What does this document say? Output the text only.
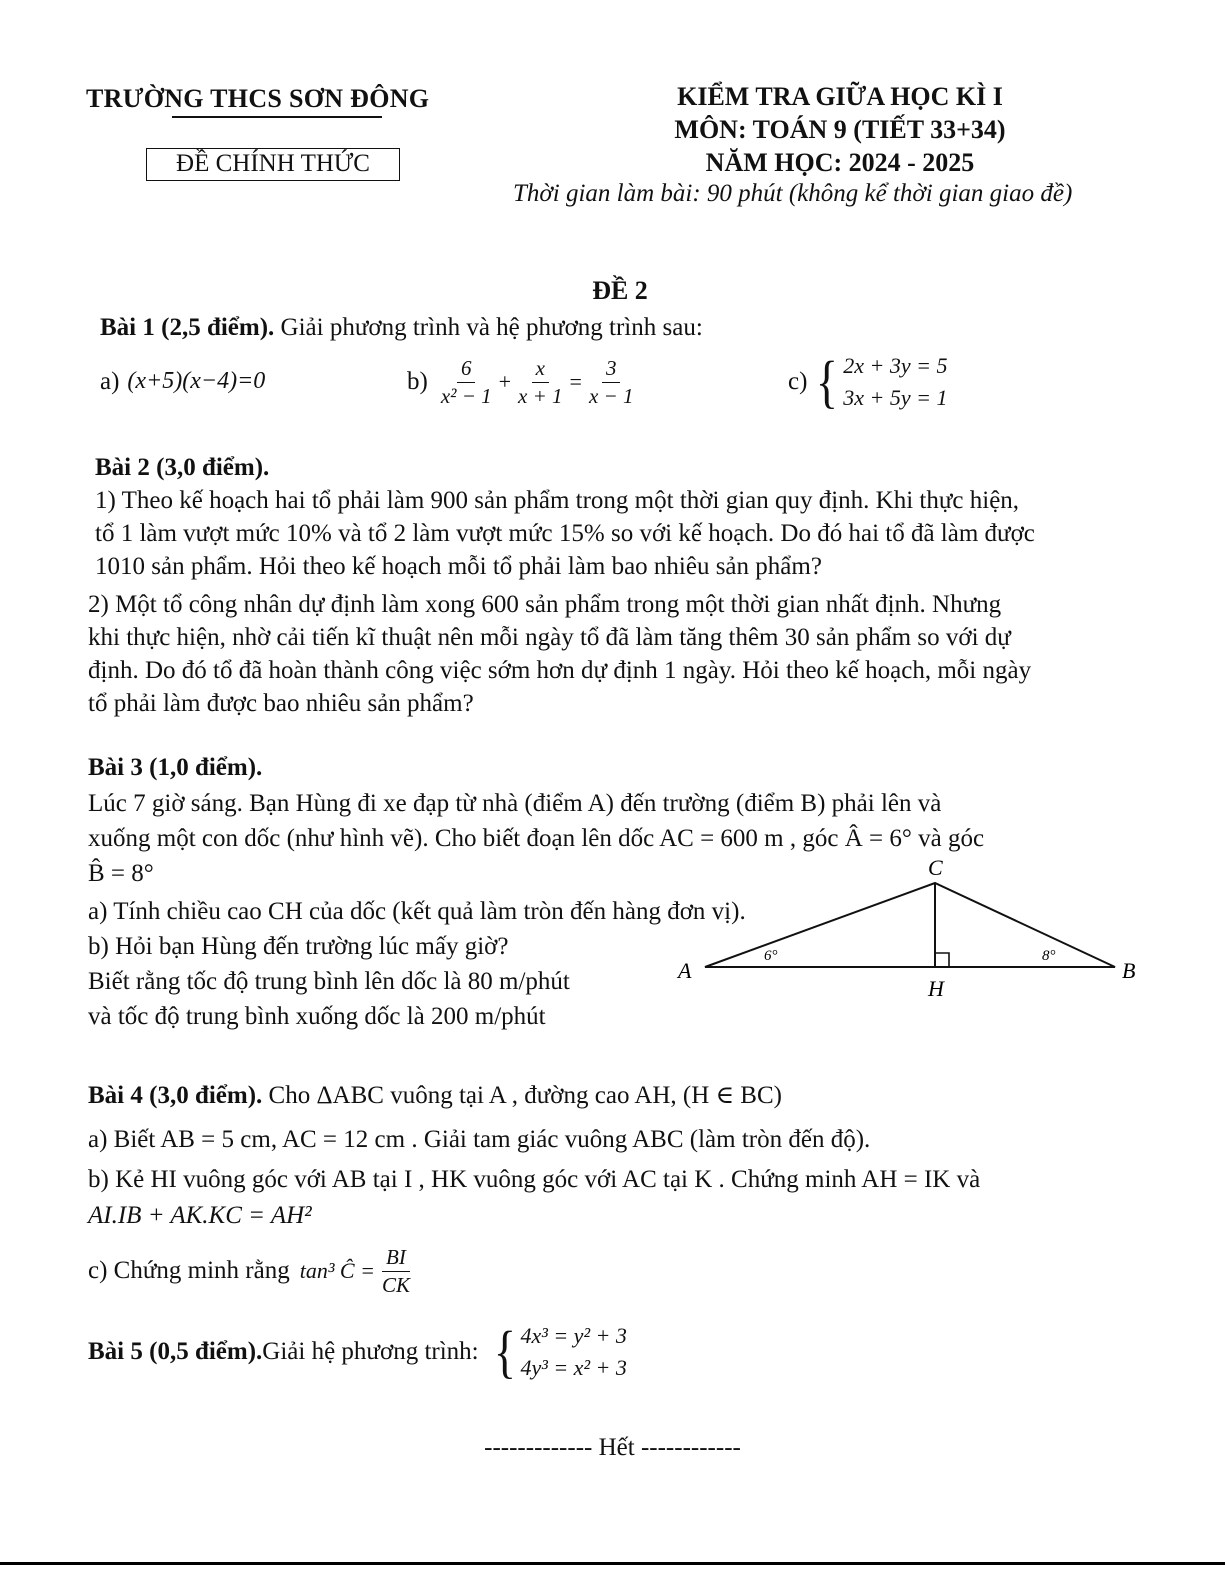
TRƯỜNG THCS SƠN ĐÔNG
ĐỀ CHÍNH THỨC
KIỂM TRA GIỮA HỌC KÌ I
MÔN: TOÁN 9 (TIẾT 33+34)
NĂM HỌC: 2024 - 2025
Thời gian làm bài: 90 phút (không kể thời gian giao đề)
ĐỀ 2
Bài 1 (2,5 điểm). Giải phương trình và hệ phương trình sau:
a) (x+5)(x−4)=0	$b) \frac{6}{\text{x² − 1}} + \frac{x}{x + 1} = \frac{3}{x - 1}$	c) { 2x + 3y = 5
3x + 5y = 1
Bài 2 (3,0 điểm).
1) Theo kế hoạch hai tổ phải làm 900 sản phẩm trong một thời gian quy định. Khi thực hiện,
tổ 1 làm vượt mức 10% và tổ 2 làm vượt mức 15% so với kế hoạch. Do đó hai tổ đã làm được
1010 sản phẩm. Hỏi theo kế hoạch mỗi tổ phải làm bao nhiêu sản phẩm?
2) Một tổ công nhân dự định làm xong 600 sản phẩm trong một thời gian nhất định. Nhưng
khi thực hiện, nhờ cải tiến kĩ thuật nên mỗi ngày tổ đã làm tăng thêm 30 sản phẩm so với dự
định. Do đó tổ đã hoàn thành công việc sớm hơn dự định 1 ngày. Hỏi theo kế hoạch, mỗi ngày
tổ phải làm được bao nhiêu sản phẩm?
Bài 3 (1,0 điểm).
Lúc 7 giờ sáng. Bạn Hùng đi xe đạp từ nhà (điểm A) đến trường (điểm B) phải lên và
xuống một con dốc (như hình vẽ). Cho biết đoạn lên dốc AC = 600 m , góc Â = 6° và góc
B̂ = 8°
a) Tính chiều cao CH của dốc (kết quả làm tròn đến hàng đơn vị).
b) Hỏi bạn Hùng đến trường lúc mấy giờ?
Biết rằng tốc độ trung bình lên dốc là 80 m/phút
và tốc độ trung bình xuống dốc là 200 m/phút
A	B
C
H
6°	8°
Bài 4 (3,0 điểm). Cho ΔABC vuông tại A , đường cao AH, (H ∈ BC)
a) Biết AB = 5 cm, AC = 12 cm . Giải tam giác vuông ABC (làm tròn đến độ).
b) Kẻ HI vuông góc với AB tại I , HK vuông góc với AC tại K . Chứng minh AH = IK và
AI.IB + AK.KC = AH²
c) Chứng minh rằng tan³ Ĉ = $\frac{BI}{CK}$
Bài 5 (0,5 điểm). Giải hệ phương trình: { 4x³ = y² + 3
4y³ = x² + 3
------------- Hết ------------
